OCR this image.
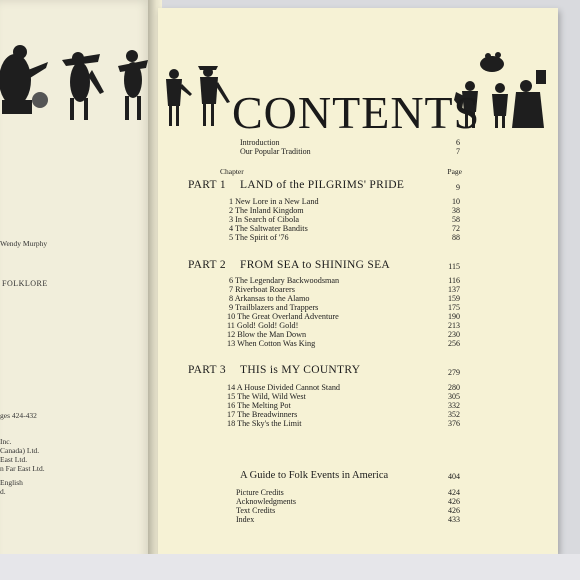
Wendy Murphy
FOLKLORE
ges 424-432
Inc.
Canada) Ltd.
East Ltd.
n Far East Ltd.
English
d.
CONTENTS
Introduction	6
Our Popular Tradition	7
Chapter	Page
PART 1 LAND of the PILGRIMS' PRIDE	9
1 New Lore in a New Land	10
2 The Inland Kingdom	38
3 In Search of Cibola	58
4 The Saltwater Bandits	72
5 The Spirit of '76	88
PART 2 FROM SEA to SHINING SEA	115
6 The Legendary Backwoodsman	116
7 Riverboat Roarers	137
8 Arkansas to the Alamo	159
9 Trailblazers and Trappers	175
10 The Great Overland Adventure	190
11 Gold! Gold! Gold!	213
12 Blow the Man Down	230
13 When Cotton Was King	256
PART 3 THIS is MY COUNTRY	279
14 A House Divided Cannot Stand	280
15 The Wild, Wild West	305
16 The Melting Pot	332
17 The Breadwinners	352
18 The Sky's the Limit	376
A Guide to Folk Events in America	404
Picture Credits	424
Acknowledgments	426
Text Credits	426
Index	433
